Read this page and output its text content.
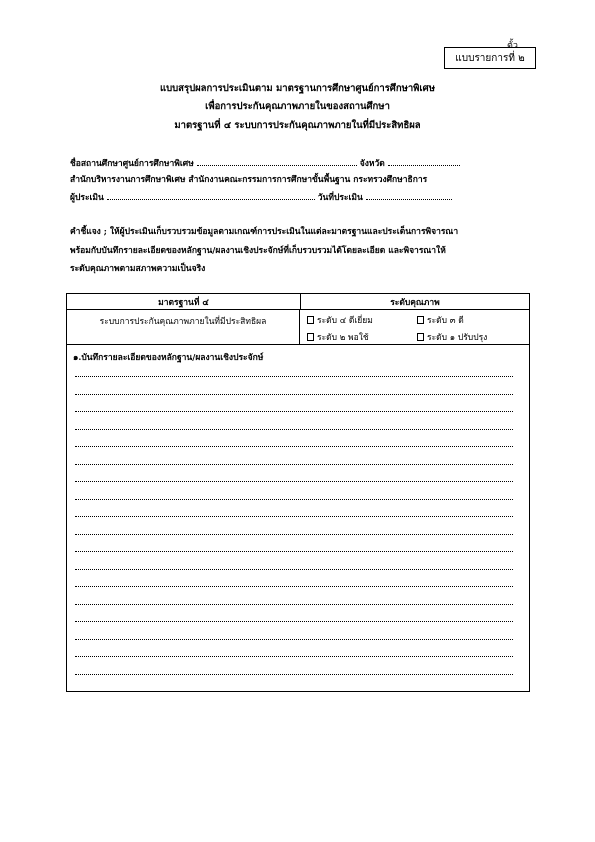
ตั้ว
แบบรายการที่ ๒
แบบสรุปผลการประเมินตาม มาตรฐานการศึกษาศูนย์การศึกษาพิเศษ
เพื่อการประกันคุณภาพภายในของสถานศึกษา
มาตรฐานที่ ๔ ระบบการประกันคุณภาพภายในที่มีประสิทธิผล
ชื่อสถานศึกษาศูนย์การศึกษาพิเศษ	จังหวัด
สำนักบริหารงานการศึกษาพิเศษ สำนักงานคณะกรรมการการศึกษาขั้นพื้นฐาน กระทรวงศึกษาธิการ
ผู้ประเมิน	วันที่ประเมิน
คำชี้แจง ; ให้ผู้ประเมินเก็บรวบรวมข้อมูลตามเกณฑ์การประเมินในแต่ละมาตรฐานและประเด็นการพิจารณา
พร้อมกับบันทึกรายละเอียดของหลักฐาน/ผลงานเชิงประจักษ์ที่เก็บรวบรวมได้โดยละเอียด และพิจารณาให้
ระดับคุณภาพตามสภาพความเป็นจริง
มาตรฐานที่ ๔	ระดับคุณภาพ
ระบบการประกันคุณภาพภายในที่มีประสิทธิผล	ระดับ ๔ ดีเยี่ยม	ระดับ ๓ ดี
ระดับ ๒ พอใช้	ระดับ ๑ ปรับปรุง
๑.บันทึกรายละเอียดของหลักฐาน/ผลงานเชิงประจักษ์
